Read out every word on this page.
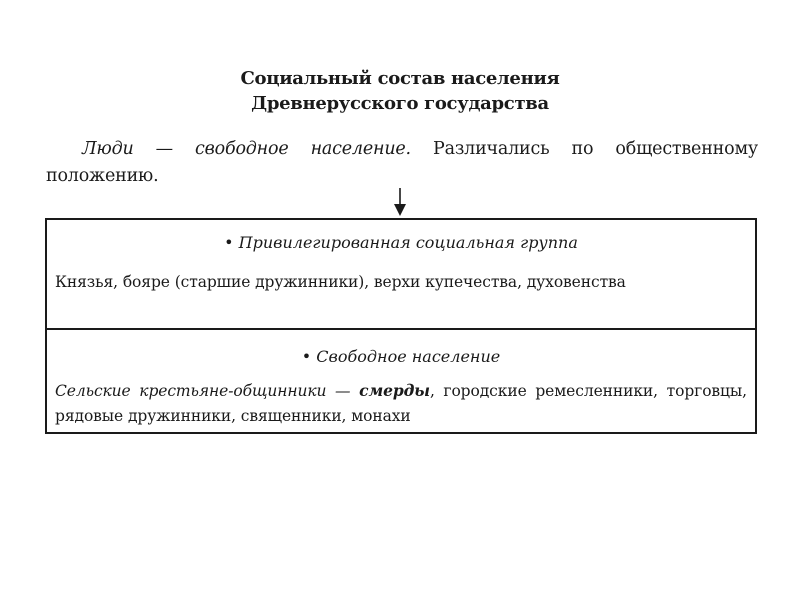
Социальный состав населения
Древнерусского государства
Люди — свободное население. Различались по общественному положению.
• Привилегированная социальная группа
Князья, бояре (старшие дружинники), верхи купечества, духовенства
• Свободное население
Сельские крестьяне-общинники — смерды, городские ремесленники, торговцы, рядовые дружинники, священники, монахи
